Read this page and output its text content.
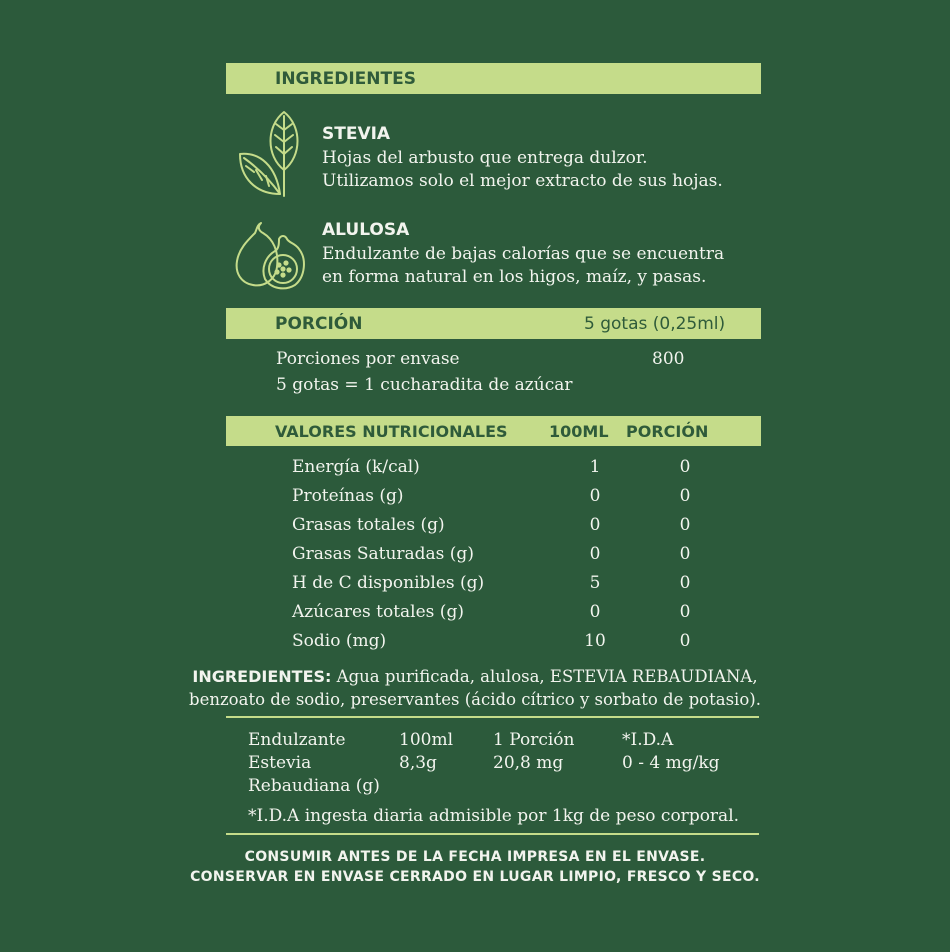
INGREDIENTES
STEVIA
Hojas del arbusto que entrega dulzor.
Utilizamos solo el mejor extracto de sus hojas.
ALULOSA
Endulzante de bajas calorías que se encuentra
en forma natural en los higos, maíz, y pasas.
PORCIÓN	5 gotas (0,25ml)
Porciones por envase	800
5 gotas = 1 cucharadita de azúcar
VALORES NUTRICIONALES	100ML PORCIÓN
Energía (k/cal)	1	0
Proteínas (g)	0	0
Grasas totales (g)	0	0
Grasas Saturadas (g)	0	0
H de C disponibles (g)	5	0
Azúcares totales (g)	0	0
Sodio (mg)	10	0
INGREDIENTES: Agua purificada, alulosa, ESTEVIA REBAUDIANA,
benzoato de sodio, preservantes (ácido cítrico y sorbato de potasio).
Endulzante	100ml 1 Porción	*I.D.A
Estevia	8,3g	20,8 mg	0 - 4 mg/kg
Rebaudiana (g)
*I.D.A ingesta diaria admisible por 1kg de peso corporal.
CONSUMIR ANTES DE LA FECHA IMPRESA EN EL ENVASE.
CONSERVAR EN ENVASE CERRADO EN LUGAR LIMPIO, FRESCO Y SECO.
